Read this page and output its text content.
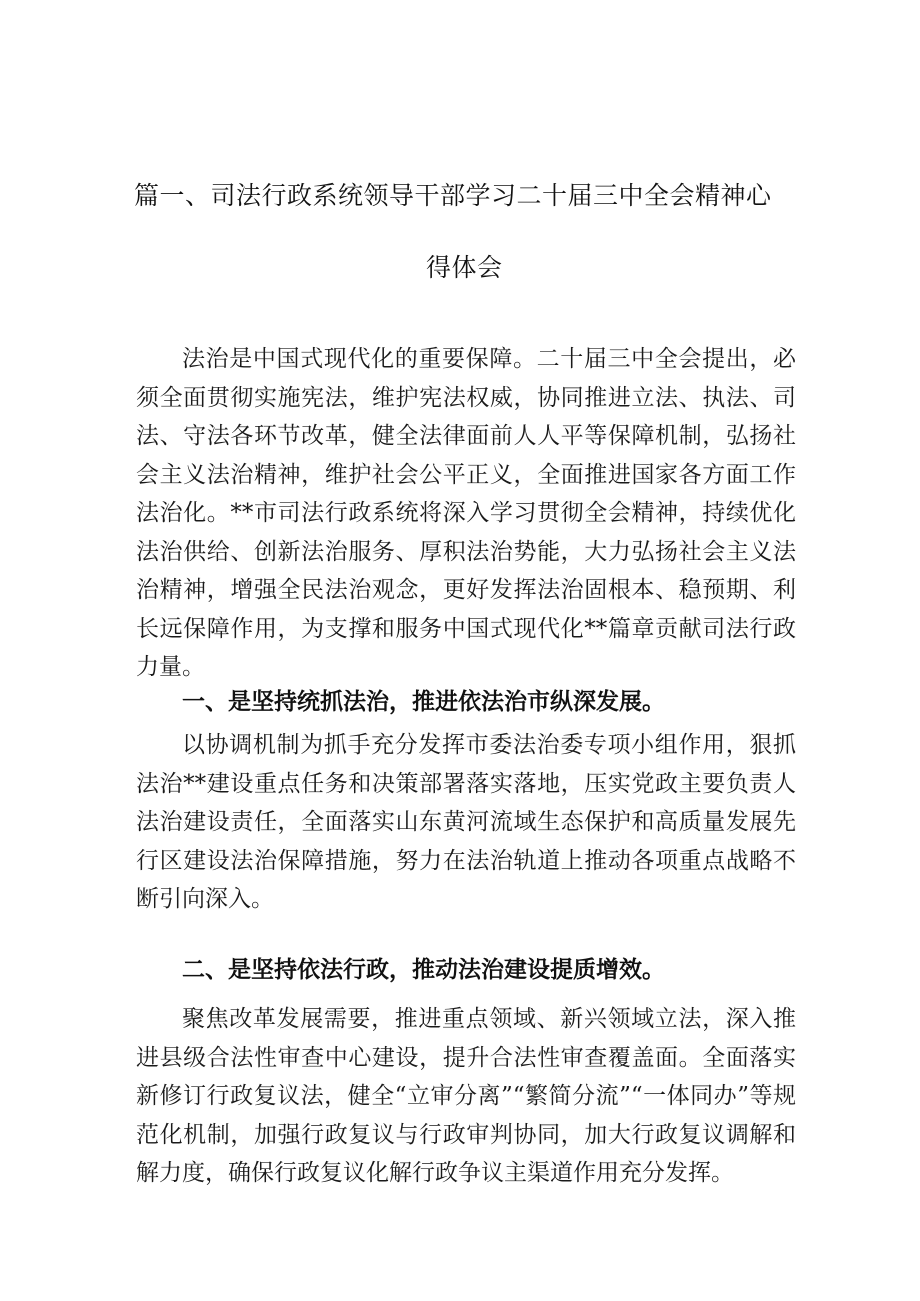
篇一、司法行政系统领导干部学习二十届三中全会精神心
得体会

法治是中国式现代化的重要保障。二十届三中全会提出，必须全面贯彻实施宪法，维护宪法权威，协同推进立法、执法、司法、守法各环节改革，健全法律面前人人平等保障机制，弘扬社会主义法治精神，维护社会公平正义，全面推进国家各方面工作法治化。**市司法行政系统将深入学习贯彻全会精神，持续优化法治供给、创新法治服务、厚积法治势能，大力弘扬社会主义法治精神，增强全民法治观念，更好发挥法治固根本、稳预期、利长远保障作用，为支撑和服务中国式现代化**篇章贡献司法行政力量。

一、是坚持统抓法治，推进依法治市纵深发展。

以协调机制为抓手充分发挥市委法治委专项小组作用，狠抓法治**建设重点任务和决策部署落实落地，压实党政主要负责人法治建设责任，全面落实山东黄河流域生态保护和高质量发展先行区建设法治保障措施，努力在法治轨道上推动各项重点战略不断引向深入。

二、是坚持依法行政，推动法治建设提质增效。

聚焦改革发展需要，推进重点领域、新兴领域立法，深入推进县级合法性审查中心建设，提升合法性审查覆盖面。全面落实新修订行政复议法，健全“立审分离”“繁简分流”“一体同办”等规范化机制，加强行政复议与行政审判协同，加大行政复议调解和解力度，确保行政复议化解行政争议主渠道作用充分发挥。
